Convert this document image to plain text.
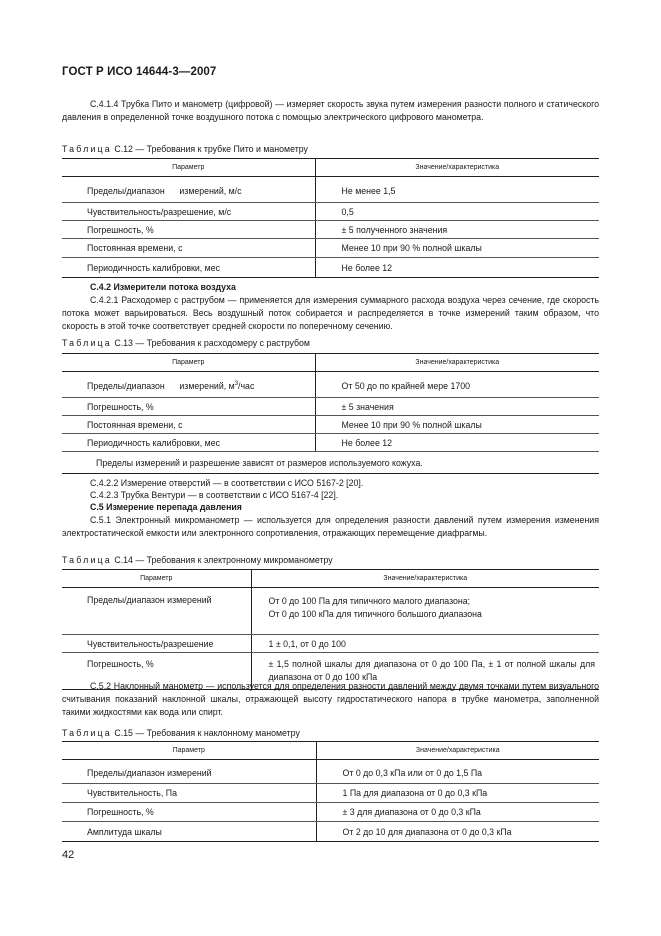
ГОСТ Р ИСО 14644-3—2007
С.4.1.4 Трубка Пито и манометр (цифровой) — измеряет скорость звука путем измерения разности полного и статического давления в определенной точке воздушного потока с помощью электрического цифрового манометра.
Таблица С.12 — Требования к трубке Пито и манометру
Параметр	Значение/характеристика
Пределы/диапазон      измерений, м/с	Не менее 1,5
Чувствительность/разрешение, м/с	0,5
Погрешность, %	± 5 полученного значения
Постоянная времени, с	Менее 10 при 90 % полной шкалы
Периодичность калибровки, мес	Не более 12
С.4.2 Измерители потока воздуха
С.4.2.1 Расходомер с раструбом — применяется для измерения суммарного расхода воздуха через сечение, где скорость потока может варьироваться. Весь воздушный поток собирается и распределяется в точке измерений таким образом, что скорость в этой точке соответствует средней скорости по поперечному сечению.
Таблица С.13 — Требования к расходомеру с раструбом
Параметр	Значение/характеристика
Пределы/диапазон      измерений, $м^3$/час	От 50 до по крайней мере 1700
Погрешность, %	± 5 значения
Постоянная времени, с	Менее 10 при 90 % полной шкалы
Периодичность калибровки, мес	Не более 12
Пределы измерений и разрешение зависят от размеров используемого кожуха.	
С.4.2.2 Измерение отверстий — в соответствии с ИСО 5167-2 [20].
С.4.2.3 Трубка Вентури — в соответствии с ИСО 5167-4 [22].
С.5 Измерение перепада давления
С.5.1 Электронный микроманометр — используется для определения разности давлений путем измерения изменения электростатической емкости или электронного сопротивления, отражающих перемещение диафрагмы.
Таблица С.14 — Требования к электронному микроманометру
Параметр	Значение/характеристика
Пределы/диапазон измерений	От 0 до 100 Па для типичного малого диапазона;
От 0 до 100 кПа для типичного большого диапазона

Чувствительность/разрешение	1 ± 0,1, от 0 до 100
Погрешность, %	± 1,5 полной шкалы для диапазона от 0 до 100 Па, ± 1 от полной шкалы для диапазона от 0 до 100 кПа
С.5.2 Наклонный манометр — используется для определения разности давлений между двумя точками путем визуального считывания показаний наклонной шкалы, отражающей высоту гидростатического напора в трубке манометра, заполненной такими жидкостями как вода или спирт.
Таблица С.15 — Требования к наклонному манометру
Параметр	Значение/характеристика
Пределы/диапазон измерений	От 0 до 0,3 кПа или от 0 до 1,5 Па
Чувствительность, Па	1 Па для диапазона от 0 до 0,3 кПа
Погрешность, %	± 3 для диапазона от 0 до 0,3 кПа
Амплитуда шкалы	От 2 до 10 для диапазона от 0 до 0,3 кПа
42
